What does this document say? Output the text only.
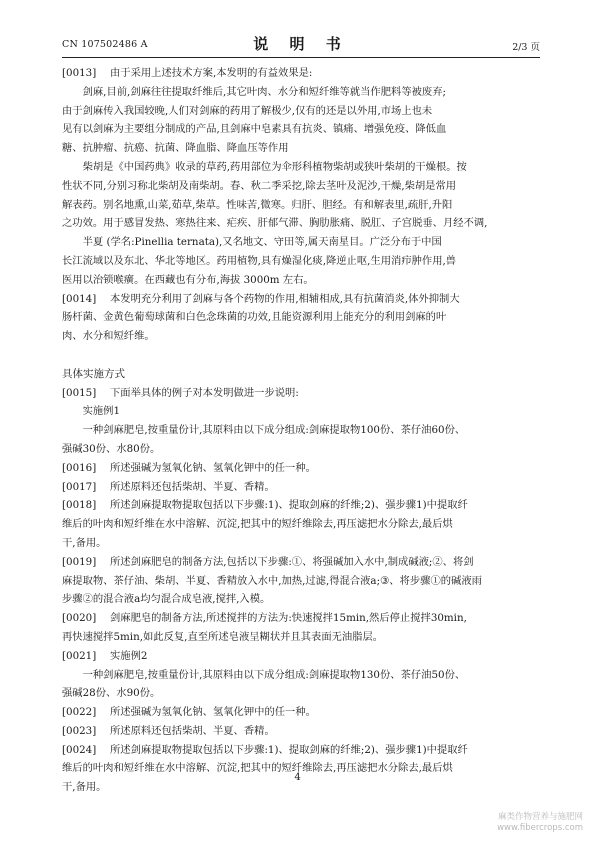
CN 107502486 A	说 明 书	2/3 页
[0013] 由于采用上述技术方案,本发明的有益效果是:
剑麻,目前,剑麻往往提取纤维后,其它叶肉、水分和短纤维等就当作肥料等被废弃;
由于剑麻传入我国较晚,人们对剑麻的药用了解极少,仅有的还是以外用,市场上也未
见有以剑麻为主要组分制成的产品,且剑麻中皂素具有抗炎、镇痛、增强免疫、降低血
糖、抗肿瘤、抗癌、抗菌、降血脂、降血压等作用
柴胡是《中国药典》收录的草药,药用部位为伞形科植物柴胡或狭叶柴胡的干燥根。按
性状不同,分别习称北柴胡及南柴胡。春、秋二季采挖,除去茎叶及泥沙,干燥,柴胡是常用
解表药。别名地熏,山菜,茹草,柴草。性味苦,微寒。归肝、胆经。有和解表里,疏肝,升阳
之功效。用于感冒发热、寒热往来、疟疾、肝郁气滞、胸肋胀痛、脱肛、子宫脱垂、月经不调,
半夏 (学名:Pinellia ternata),又名地文、守田等,属天南星目。广泛分布于中国
长江流域以及东北、华北等地区。药用植物,具有燥湿化痰,降逆止呕,生用消疖肿作用,兽
医用以治锁喉癀。在西藏也有分布,海拔 3000m 左右。
[0014] 本发明充分利用了剑麻与各个药物的作用,相辅相成,具有抗菌消炎,体外抑制大
肠杆菌、金黄色葡萄球菌和白色念珠菌的功效,且能资源利用上能充分的利用剑麻的叶
肉、水分和短纤维。
具体实施方式
[0015] 下面举具体的例子对本发明做进一步说明:
实施例1
一种剑麻肥皂,按重量份计,其原料由以下成分组成:剑麻提取物100份、茶仔油60份、
强碱30份、水80份。
[0016] 所述强碱为氢氧化钠、氢氧化钾中的任一种。
[0017] 所述原料还包括柴胡、半夏、香精。
[0018] 所述剑麻提取物提取包括以下步骤:1)、提取剑麻的纤维;2)、强步骤1)中提取纤
维后的叶肉和短纤维在水中溶解、沉淀,把其中的短纤维除去,再压滤把水分除去,最后烘
干,备用。
[0019] 所述剑麻肥皂的制备方法,包括以下步骤:①、将强碱加入水中,制成碱液;②、将剑
麻提取物、茶仔油、柴胡、半夏、香精放入水中,加热,过滤,得混合液a;③、将步骤①的碱液雨
步骤②的混合液a均匀混合成皂液,搅拌,入模。
[0020] 剑麻肥皂的制备方法,所述搅拌的方法为:快速搅拌15min,然后停止搅拌30min,
再快速搅拌5min,如此反复,直至所述皂液呈糊状并且其表面无油脂层。
[0021] 实施例2
一种剑麻肥皂,按重量份计,其原料由以下成分组成:剑麻提取物130份、茶仔油50份、
强碱28份、水90份。
[0022] 所述强碱为氢氧化钠、氢氧化钾中的任一种。
[0023] 所述原料还包括柴胡、半夏、香精。
[0024] 所述剑麻提取物提取包括以下步骤:1)、提取剑麻的纤维;2)、强步骤1)中提取纤
维后的叶肉和短纤维在水中溶解、沉淀,把其中的短纤维除去,再压滤把水分除去,最后烘
干,备用。
4
麻类作物营养与施肥网
www.fibercrops.com
